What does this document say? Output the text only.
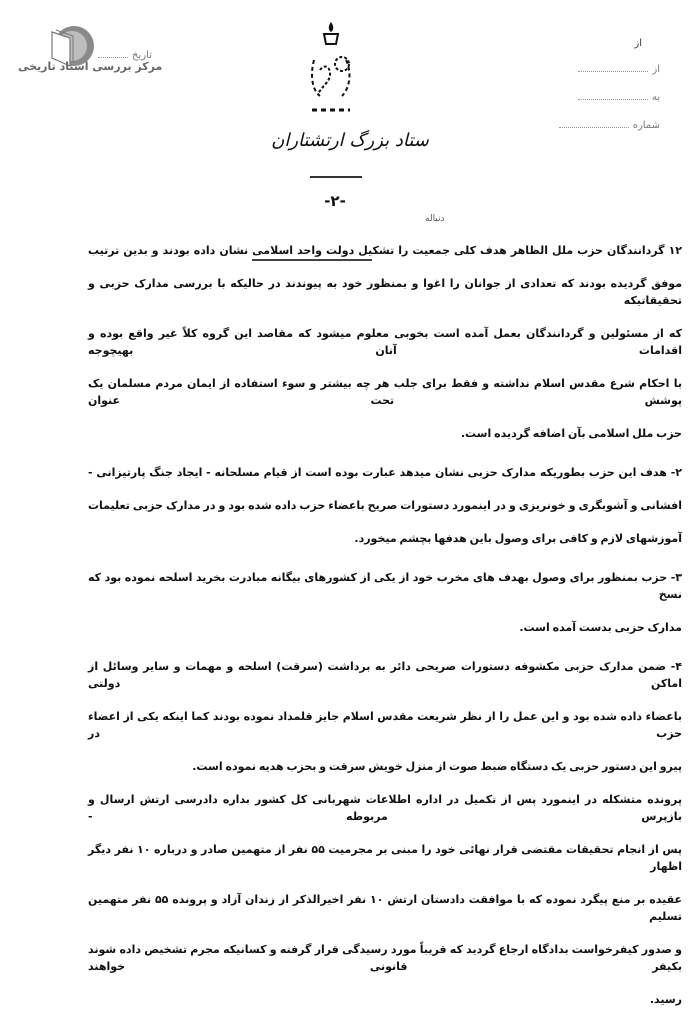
مرکز بررسی اسناد تاریخی
تاریخ
ستاد بزرگ ارتشتاران
-۲-
دنباله
از
از
به
شماره
۱۲ گردانندگان حزب ملل الظاهر هدف کلی جمعیت را تشکیل دولت واحد اسلامی نشان داده بودند و بدین ترتیب
موفق گردیده بودند که تعدادی از جوانان را اغوا و بمنظور خود به پیوندند در حالیکه با بررسی مدارک حزبی و تحقیقاتیکه
که از مسئولین و گردانندگان بعمل آمده است بخوبی معلوم میشود که مقاصد این گروه کلاً غیر واقع بوده و اقدامات آنان بهیچوجه
با احکام شرع مقدس اسلام نداشته و فقط برای جلب هر چه بیشتر و سوء استفاده از ایمان مردم مسلمان یک پوشش تحت عنوان
حزب ملل اسلامی بآن اضافه گردیده است.
۲- هدف این حزب بطوریکه مدارک حزبی نشان میدهد عبارت بوده است از قیام مسلحانه - ایجاد جنگ پارتیزانی -
افشانی و آشوبگری و خونریزی و در اینمورد دستورات صریح باعضاء حزب داده شده بود و در مدارک حزبی تعلیمات
آموزشهای لازم و کافی برای وصول باین هدفها بچشم میخورد.
۳- حزب بمنظور برای وصول بهدف های مخرب خود از یکی از کشورهای بیگانه مبادرت بخرید اسلحه نموده بود که نسخ
مدارک حزبی بدست آمده است.
۴- ضمن مدارک حزبی مکشوفه دستورات صریحی دائر به برداشت (سرقت) اسلحه و مهمات و سایر وسائل از اماکن دولتی
باعضاء داده شده بود و این عمل را از نظر شریعت مقدس اسلام جایز قلمداد نموده بودند کما اینکه یکی از اعضاء حزب در
پیرو این دستور حزبی یک دستگاه ضبط صوت از منزل خویش سرقت و بحزب هدیه نموده است.
پرونده متشکله در اینمورد پس از تکمیل در اداره اطلاعات شهربانی کل کشور بداره دادرسی ارتش ارسال و بازپرس مربوطه -
پس از انجام تحقیقات مقتضی قرار نهائی خود را مبنی بر مجرمیت ۵۵ نفر از متهمین صادر و درباره ۱۰ نفر دیگر اظهار
عقیده بر منع پیگرد نموده که با موافقت دادستان ارتش ۱۰ نفر اخیرالذکر از زندان آزاد و پرونده ۵۵ نفر متهمین تسلیم
و صدور کیفرخواست بدادگاه ارجاع گردید که قریباً مورد رسیدگی قرار گرفته و کسانیکه مجرم تشخیص داده شوند بکیفر قانونی خواهند
رسید.
